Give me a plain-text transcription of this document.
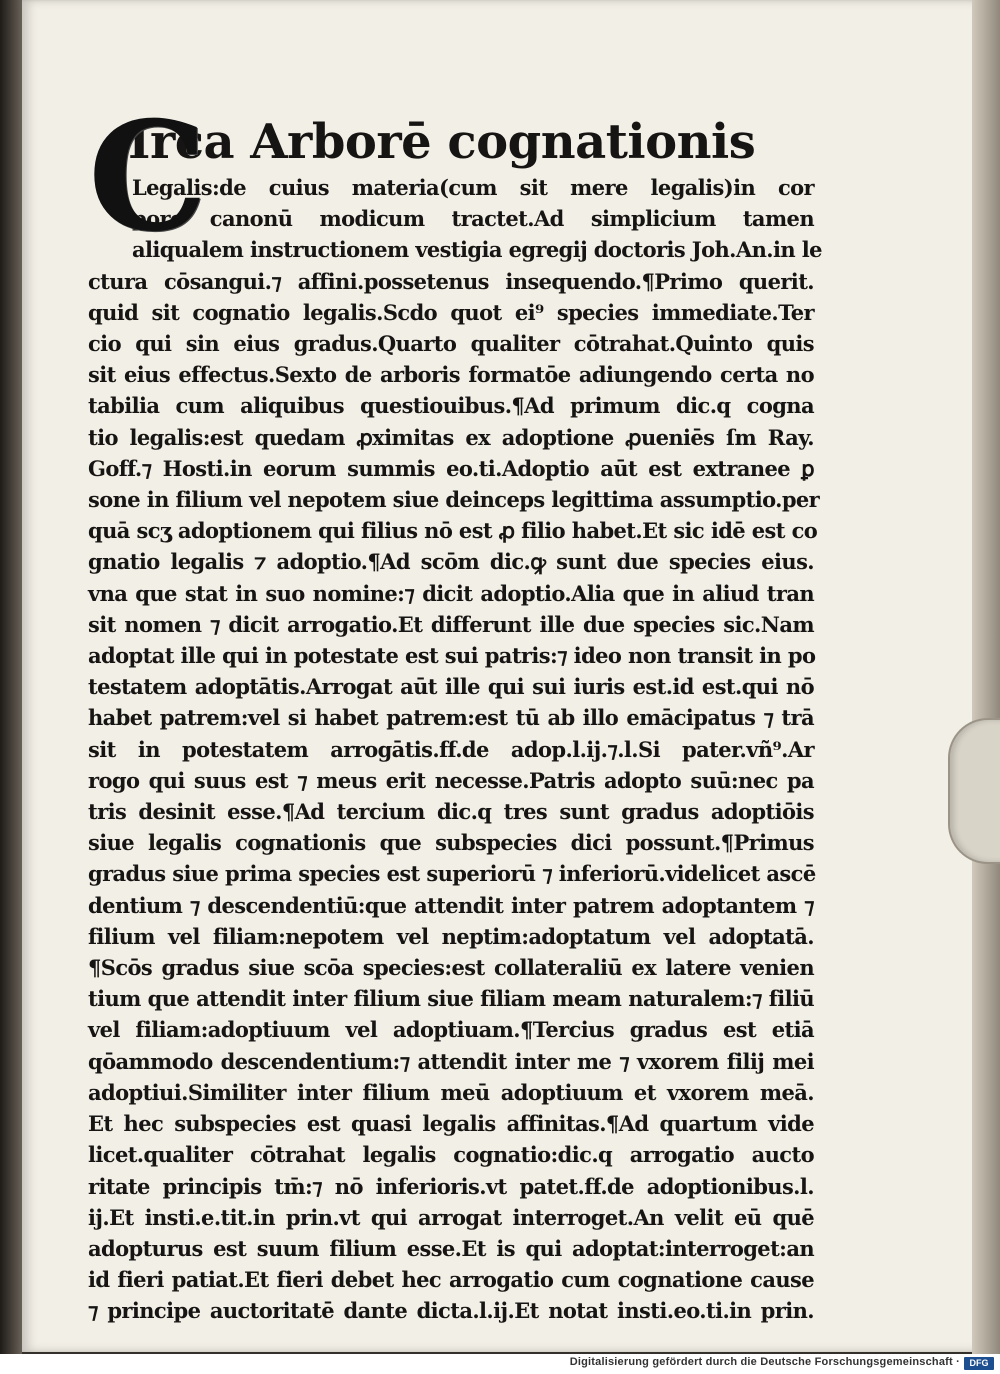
C
Irca Arborē cognationis
Legalis:de cuius materia(cum sit mere legalis)in cor
pore canonū modicum tractet.Ad simplicium tamen
aliqualem instructionem vestigia egregij doctoris Joh.An.in le
ctura cōsangui.⁊ affini.possetenus insequendo.¶Primo querit.
quid sit cognatio legalis.Scdo quot ei⁹ species immediate.Ter
cio qui sin eius gradus.Quarto qualiter cōtrahat.Quinto quis
sit eius effectus.Sexto de arboris formatōe adiungendo certa no
tabilia cum aliquibus questiouibus.¶Ad primum dic.q cogna
tio legalis:est quedam ꝓximitas ex adoptione ꝓueniēs ſm Ray.
Goff.⁊ Hosti.in eorum summis eo.ti.Adoptio aūt est extranee ꝑ
sone in filium vel nepotem siue deinceps legittima assumptio.per
quā scʒ adoptionem qui filius nō est ꝓ filio habet.Et sic idē est co
gnatio legalis ⁊ adoptio.¶Ad scōm dic.ꝙ sunt due species eius.
vna que stat in suo nomine:⁊ dicit adoptio.Alia que in aliud tran
sit nomen ⁊ dicit arrogatio.Et differunt ille due species sic.Nam
adoptat ille qui in potestate est sui patris:⁊ ideo non transit in po
testatem adoptātis.Arrogat aūt ille qui sui iuris est.id est.qui nō
habet patrem:vel si habet patrem:est tū ab illo emācipatus ⁊ trā
sit in potestatem arrogātis.ff.de adop.l.ij.⁊.l.Si pater.vñ⁹.Ar
rogo qui suus est ⁊ meus erit necesse.Patris adopto suū:nec pa
tris desinit esse.¶Ad tercium dic.q tres sunt gradus adoptiōis
siue legalis cognationis que subspecies dici possunt.¶Primus
gradus siue prima species est superiorū ⁊ inferiorū.videlicet ascē
dentium ⁊ descendentiū:que attendit inter patrem adoptantem ⁊
filium vel filiam:nepotem vel neptim:adoptatum vel adoptatā.
¶Scōs gradus siue scōa species:est collateraliū ex latere venien
tium que attendit inter filium siue filiam meam naturalem:⁊ filiū
vel filiam:adoptiuum vel adoptiuam.¶Tercius gradus est etiā
qōammodo descendentium:⁊ attendit inter me ⁊ vxorem filij mei
adoptiui.Similiter inter filium meū adoptiuum et vxorem meā.
Et hec subspecies est quasi legalis affinitas.¶Ad quartum vide
licet.qualiter cōtrahat legalis cognatio:dic.q arrogatio aucto
ritate principis tm̄:⁊ nō inferioris.vt patet.ff.de adoptionibus.l.
ij.Et insti.e.tit.in prin.vt qui arrogat interroget.An velit eū quē
adopturus est suum filium esse.Et is qui adoptat:interroget:an
id fieri patiat.Et fieri debet hec arrogatio cum cognatione cause
⁊ principe auctoritatē dante dicta.l.ij.Et notat insti.eo.ti.in prin.
Digitalisierung gefördert durch die Deutsche Forschungsgemeinschaft ·	DFG
